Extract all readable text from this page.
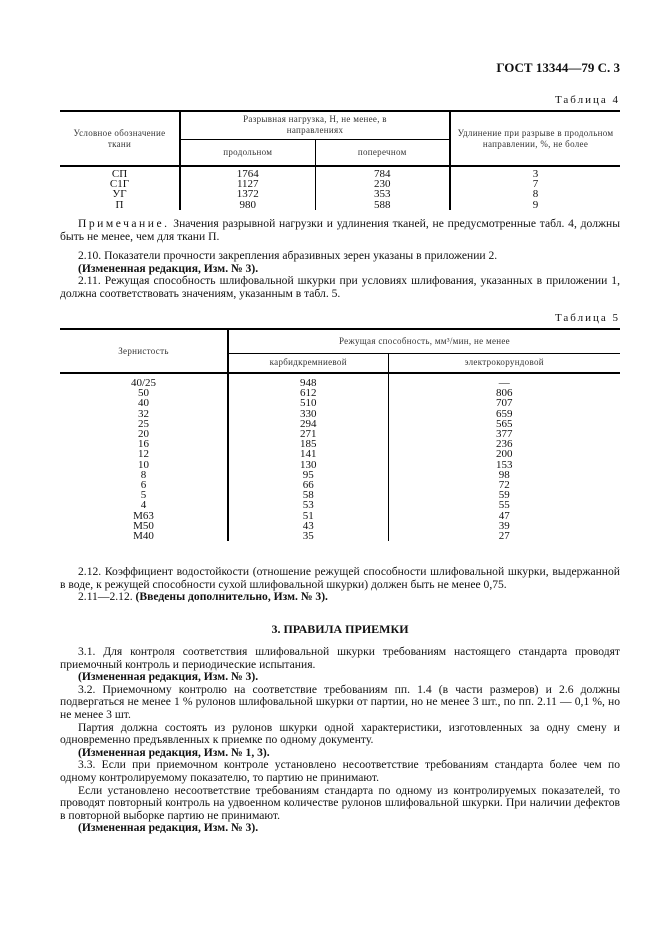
ГОСТ 13344—79 С. 3
Таблица 4
Условное обозначение ткани	Разрывная нагрузка, Н, не менее, в направлениях		Удлинение при разрыве в продольном направлении, %, не более
	продольном	поперечном	
СП	1764	784	3
С1Г	1127	230	7
УГ	1372	353	8
П	980	588	9
Примечание. Значения разрывной нагрузки и удлинения тканей, не предусмотренные табл. 4, должны быть не менее, чем для ткани П.
2.10. Показатели прочности закрепления абразивных зерен указаны в приложении 2.
(Измененная редакция, Изм. № 3).
2.11. Режущая способность шлифовальной шкурки при условиях шлифования, указанных в приложении 1, должна соответствовать значениям, указанным в табл. 5.
Таблица 5
Зернистость	Режущая способность, мм³/мин, не менее	
	карбидкремниевой	электрокорундовой
40/25	948	—
50	612	806
40	510	707
32	330	659
25	294	565
20	271	377
16	185	236
12	141	200
10	130	153
8	95	98
6	66	72
5	58	59
4	53	55
М63	51	47
М50	43	39
М40	35	27
2.12. Коэффициент водостойкости (отношение режущей способности шлифовальной шкурки, выдержанной в воде, к режущей способности сухой шлифовальной шкурки) должен быть не менее 0,75.
2.11—2.12. (Введены дополнительно, Изм. № 3).
3. ПРАВИЛА ПРИЕМКИ
3.1. Для контроля соответствия шлифовальной шкурки требованиям настоящего стандарта проводят приемочный контроль и периодические испытания.
(Измененная редакция, Изм. № 3).
3.2. Приемочному контролю на соответствие требованиям пп. 1.4 (в части размеров) и 2.6 должны подвергаться не менее 1 % рулонов шлифовальной шкурки от партии, но не менее 3 шт., по пп. 2.11 — 0,1 %, но не менее 3 шт.
Партия должна состоять из рулонов шкурки одной характеристики, изготовленных за одну смену и одновременно предъявленных к приемке по одному документу.
(Измененная редакция, Изм. № 1, 3).
3.3. Если при приемочном контроле установлено несоответствие требованиям стандарта более чем по одному контролируемому показателю, то партию не принимают.
Если установлено несоответствие требованиям стандарта по одному из контролируемых показателей, то проводят повторный контроль на удвоенном количестве рулонов шлифовальной шкурки. При наличии дефектов в повторной выборке партию не принимают.
(Измененная редакция, Изм. № 3).
